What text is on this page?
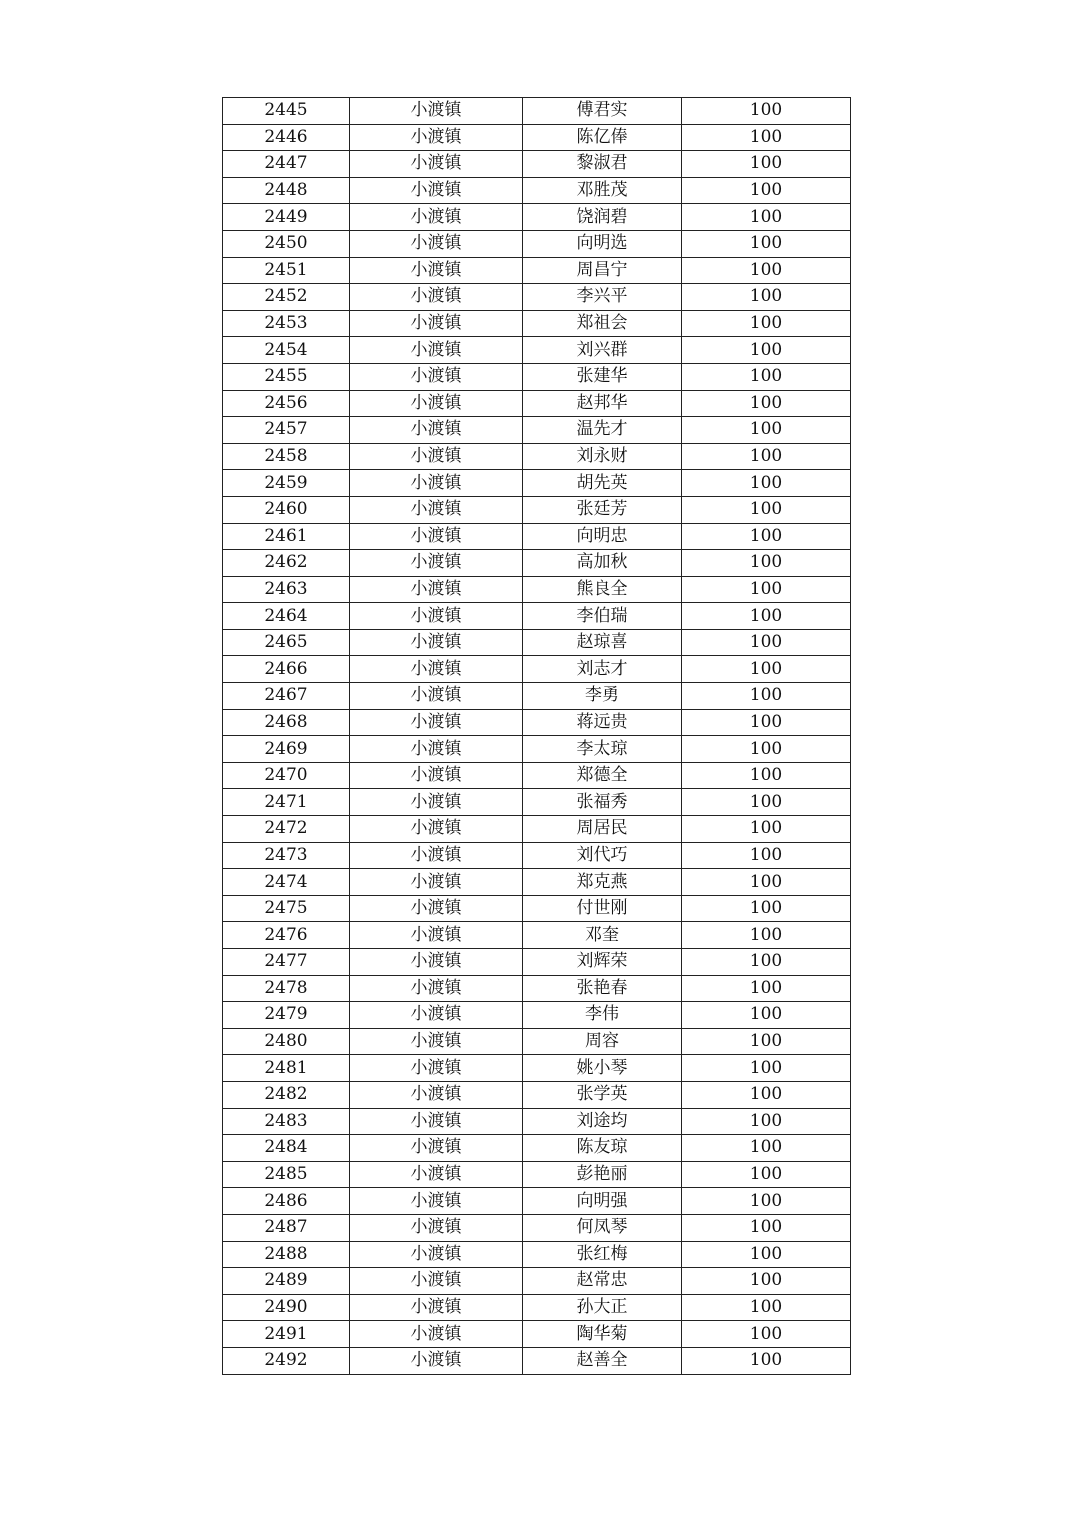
2445	小渡镇	傅君实	100
2446	小渡镇	陈亿俸	100
2447	小渡镇	黎淑君	100
2448	小渡镇	邓胜茂	100
2449	小渡镇	饶润碧	100
2450	小渡镇	向明选	100
2451	小渡镇	周昌宁	100
2452	小渡镇	李兴平	100
2453	小渡镇	郑祖会	100
2454	小渡镇	刘兴群	100
2455	小渡镇	张建华	100
2456	小渡镇	赵邦华	100
2457	小渡镇	温先才	100
2458	小渡镇	刘永财	100
2459	小渡镇	胡先英	100
2460	小渡镇	张廷芳	100
2461	小渡镇	向明忠	100
2462	小渡镇	高加秋	100
2463	小渡镇	熊良全	100
2464	小渡镇	李伯瑞	100
2465	小渡镇	赵琼喜	100
2466	小渡镇	刘志才	100
2467	小渡镇	李勇	100
2468	小渡镇	蒋远贵	100
2469	小渡镇	李太琼	100
2470	小渡镇	郑德全	100
2471	小渡镇	张福秀	100
2472	小渡镇	周居民	100
2473	小渡镇	刘代巧	100
2474	小渡镇	郑克燕	100
2475	小渡镇	付世刚	100
2476	小渡镇	邓奎	100
2477	小渡镇	刘辉荣	100
2478	小渡镇	张艳春	100
2479	小渡镇	李伟	100
2480	小渡镇	周容	100
2481	小渡镇	姚小琴	100
2482	小渡镇	张学英	100
2483	小渡镇	刘途均	100
2484	小渡镇	陈友琼	100
2485	小渡镇	彭艳丽	100
2486	小渡镇	向明强	100
2487	小渡镇	何凤琴	100
2488	小渡镇	张红梅	100
2489	小渡镇	赵常忠	100
2490	小渡镇	孙大正	100
2491	小渡镇	陶华菊	100
2492	小渡镇	赵善全	100
